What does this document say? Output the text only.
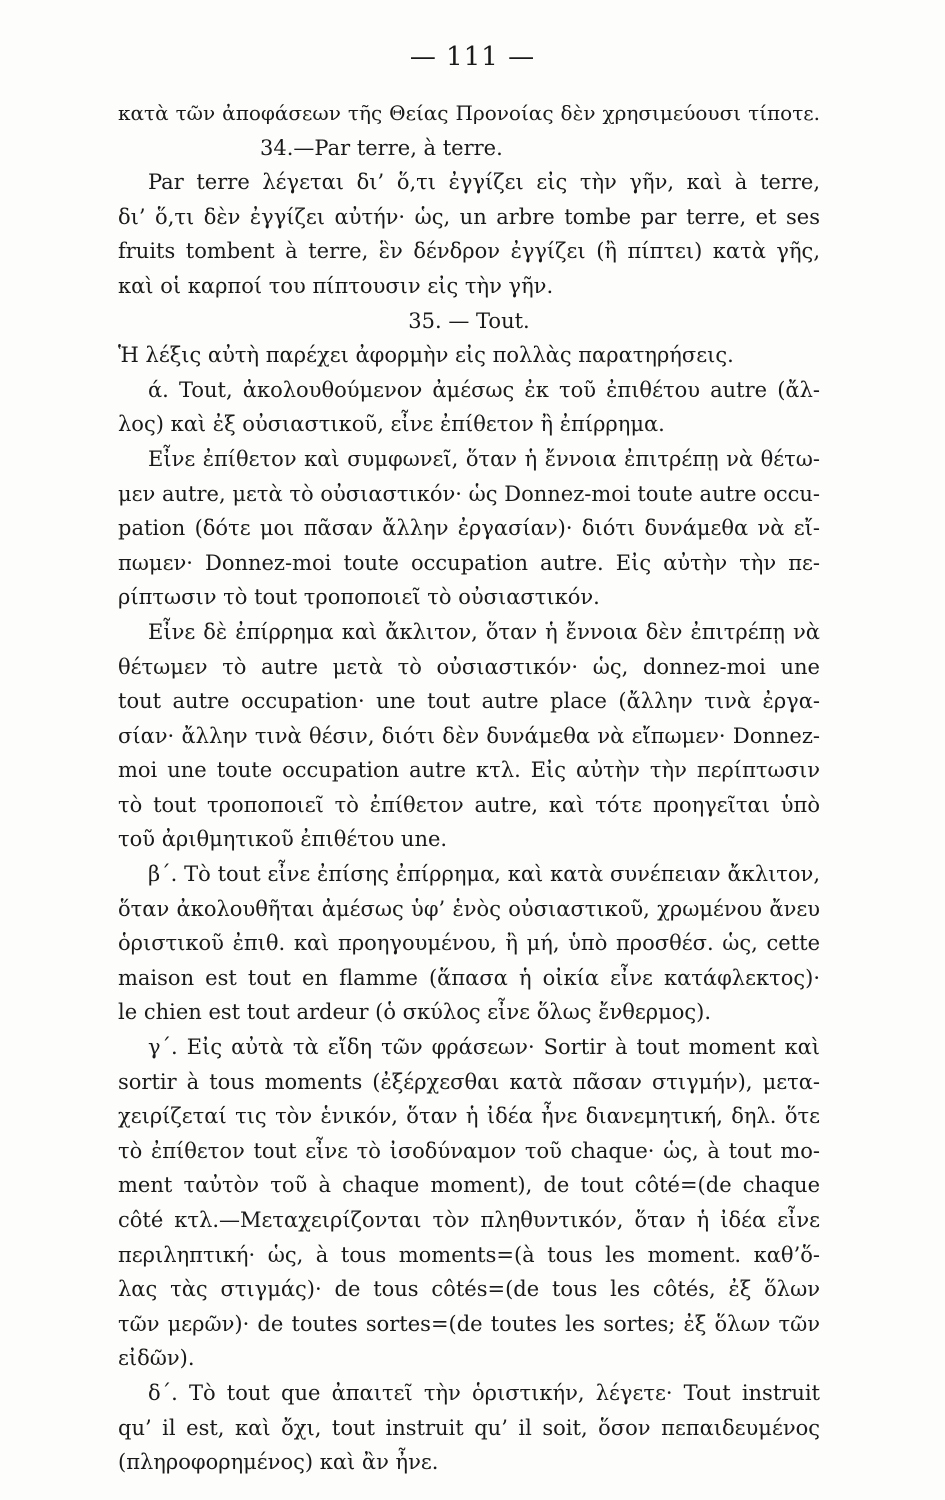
— 111 —
κατὰ τῶν ἀποφάσεων τῆς Θείας Προνοίας δὲν χρησιμεύουσι τίποτε.
34.—Par terre, à terre.
Par terre λέγεται δι’ ὅ,τι ἐγγίζει εἰς τὴν γῆν, καὶ à terre,
δι’ ὅ,τι δὲν ἐγγίζει αὐτήν· ὡς, un arbre tombe par terre, et ses
fruits tombent à terre, ἓν δένδρον ἐγγίζει (ἢ πίπτει) κατὰ γῆς,
καὶ οἱ καρποί του πίπτουσιν εἰς τὴν γῆν.
35. — Tout.
Ἡ λέξις αὐτὴ παρέχει ἀφορμὴν εἰς πολλὰς παρατηρήσεις.
ά. Tout, ἀκολουθούμενον ἀμέσως ἐκ τοῦ ἐπιθέτου autre (ἄλ-
λος) καὶ ἐξ οὐσιαστικοῦ, εἶνε ἐπίθετον ἢ ἐπίρρημα.
Εἶνε ἐπίθετον καὶ συμφωνεῖ, ὅταν ἡ ἔννοια ἐπιτρέπῃ νὰ θέτω-
μεν autre, μετὰ τὸ οὐσιαστικόν· ὡς Donnez-moi toute autre occu-
pation (δότε μοι πᾶσαν ἄλλην ἐργασίαν)· διότι δυνάμεθα νὰ εἴ-
πωμεν· Donnez-moi toute occupation autre. Εἰς αὐτὴν τὴν πε-
ρίπτωσιν τὸ tout τροποποιεῖ τὸ οὐσιαστικόν.
Εἶνε δὲ ἐπίρρημα καὶ ἄκλιτον, ὅταν ἡ ἔννοια δὲν ἐπιτρέπῃ νὰ
θέτωμεν τὸ autre μετὰ τὸ οὐσιαστικόν· ὡς, donnez-moi une
tout autre occupation· une tout autre place (ἄλλην τινὰ ἐργα-
σίαν· ἄλλην τινὰ θέσιν, διότι δὲν δυνάμεθα νὰ εἴπωμεν· Donnez-
moi une toute occupation autre κτλ. Εἰς αὐτὴν τὴν περίπτωσιν
τὸ tout τροποποιεῖ τὸ ἐπίθετον autre, καὶ τότε προηγεῖται ὑπὸ
τοῦ ἀριθμητικοῦ ἐπιθέτου une.
β΄. Τὸ tout εἶνε ἐπίσης ἐπίρρημα, καὶ κατὰ συνέπειαν ἄκλιτον,
ὅταν ἀκολουθῆται ἀμέσως ὑφ’ ἑνὸς οὐσιαστικοῦ, χρωμένου ἄνευ
ὁριστικοῦ ἐπιθ. καὶ προηγουμένου, ἢ μή, ὑπὸ προσθέσ. ὡς, cette
maison est tout en flamme (ἅπασα ἡ οἰκία εἶνε κατάφλεκτος)·
le chien est tout ardeur (ὁ σκύλος εἶνε ὅλως ἔνθερμος).
γ΄. Εἰς αὐτὰ τὰ εἴδη τῶν φράσεων· Sortir à tout moment καὶ
sortir à tous moments (ἐξέρχεσθαι κατὰ πᾶσαν στιγμήν), μετα-
χειρίζεταί τις τὸν ἑνικόν, ὅταν ἡ ἰδέα ἦνε διανεμητική, δηλ. ὅτε
τὸ ἐπίθετον tout εἶνε τὸ ἰσοδύναμον τοῦ chaque· ὡς, à tout mo-
ment ταὐτὸν τοῦ à chaque moment), de tout côté=(de chaque
côté κτλ.—Μεταχειρίζονται τὸν πληθυντικόν, ὅταν ἡ ἰδέα εἶνε
περιληπτική· ὡς, à tous moments=(à tous les moment. καθ’ὅ-
λας τὰς στιγμάς)· de tous côtés=(de tous les côtés, ἐξ ὅλων
τῶν μερῶν)· de toutes sortes=(de toutes les sortes; ἐξ ὅλων τῶν
εἰδῶν).
δ΄. Τὸ tout que ἀπαιτεῖ τὴν ὁριστικήν, λέγετε· Tout instruit
qu’ il est, καὶ ὄχι, tout instruit qu’ il soit, ὅσον πεπαιδευμένος
(πληροφορημένος) καὶ ἂν ἦνε.
